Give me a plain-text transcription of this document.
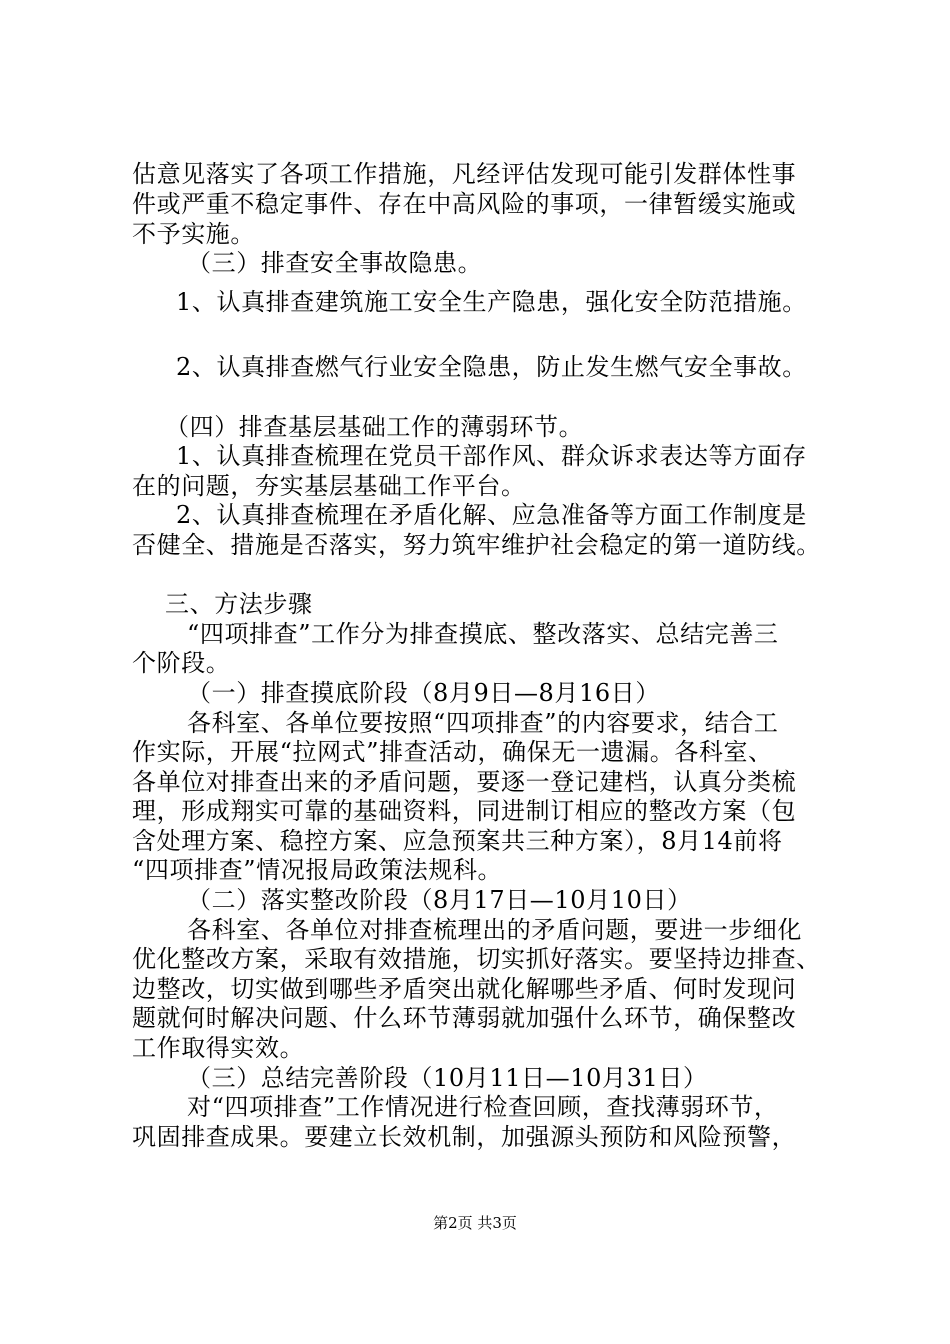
估意见落实了各项工作措施，凡经评估发现可能引发群体性事
件或严重不稳定事件、存在中高风险的事项，一律暂缓实施或
不予实施。
（三）排查安全事故隐患。
1、认真排查建筑施工安全生产隐患，强化安全防范措施。
2、认真排查燃气行业安全隐患，防止发生燃气安全事故。
（四）排查基层基础工作的薄弱环节。
1、认真排查梳理在党员干部作风、群众诉求表达等方面存
在的问题，夯实基层基础工作平台。
2、认真排查梳理在矛盾化解、应急准备等方面工作制度是
否健全、措施是否落实，努力筑牢维护社会稳定的第一道防线。
三、方法步骤
“四项排查”工作分为排查摸底、整改落实、总结完善三
个阶段。
（一）排查摸底阶段（8月9日—8月16日）
各科室、各单位要按照“四项排查”的内容要求，结合工
作实际，开展“拉网式”排查活动，确保无一遗漏。各科室、
各单位对排查出来的矛盾问题，要逐一登记建档，认真分类梳
理，形成翔实可靠的基础资料，同进制订相应的整改方案（包
含处理方案、稳控方案、应急预案共三种方案），8月14前将
“四项排查”情况报局政策法规科。
（二）落实整改阶段（8月17日—10月10日）
各科室、各单位对排查梳理出的矛盾问题，要进一步细化
优化整改方案，采取有效措施，切实抓好落实。要坚持边排查、
边整改，切实做到哪些矛盾突出就化解哪些矛盾、何时发现问
题就何时解决问题、什么环节薄弱就加强什么环节，确保整改
工作取得实效。
（三）总结完善阶段（10月11日—10月31日）
对“四项排查”工作情况进行检查回顾，查找薄弱环节，
巩固排查成果。要建立长效机制，加强源头预防和风险预警，
第2页 共3页
